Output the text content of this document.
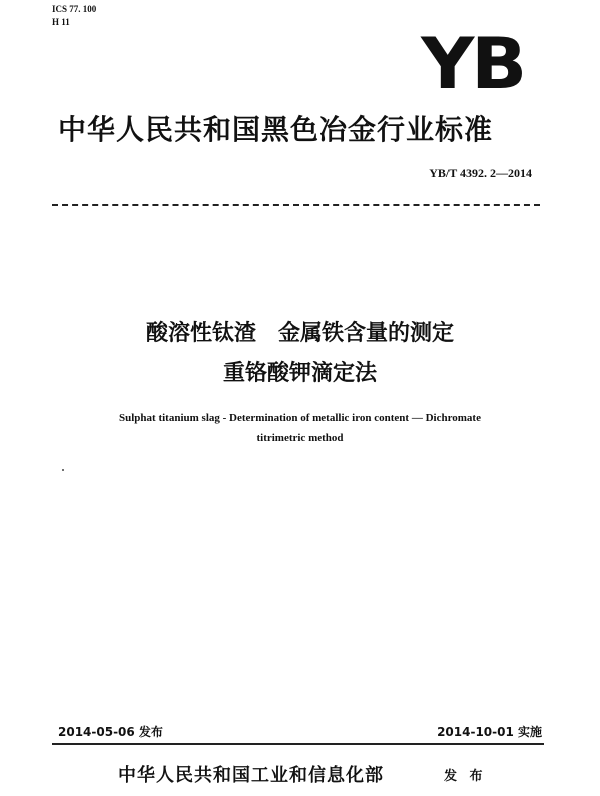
ICS 77. 100
H 11
YB
中华人民共和国黑色冶金行业标准
YB/T 4392. 2—2014
酸溶性钛渣　金属铁含量的测定
重铬酸钾滴定法
Sulphat titanium slag - Determination of metallic iron content — Dichromate
titrimetric method
2014-05-06 发布	2014-10-01 实施
中华人民共和国工业和信息化部	发 布
